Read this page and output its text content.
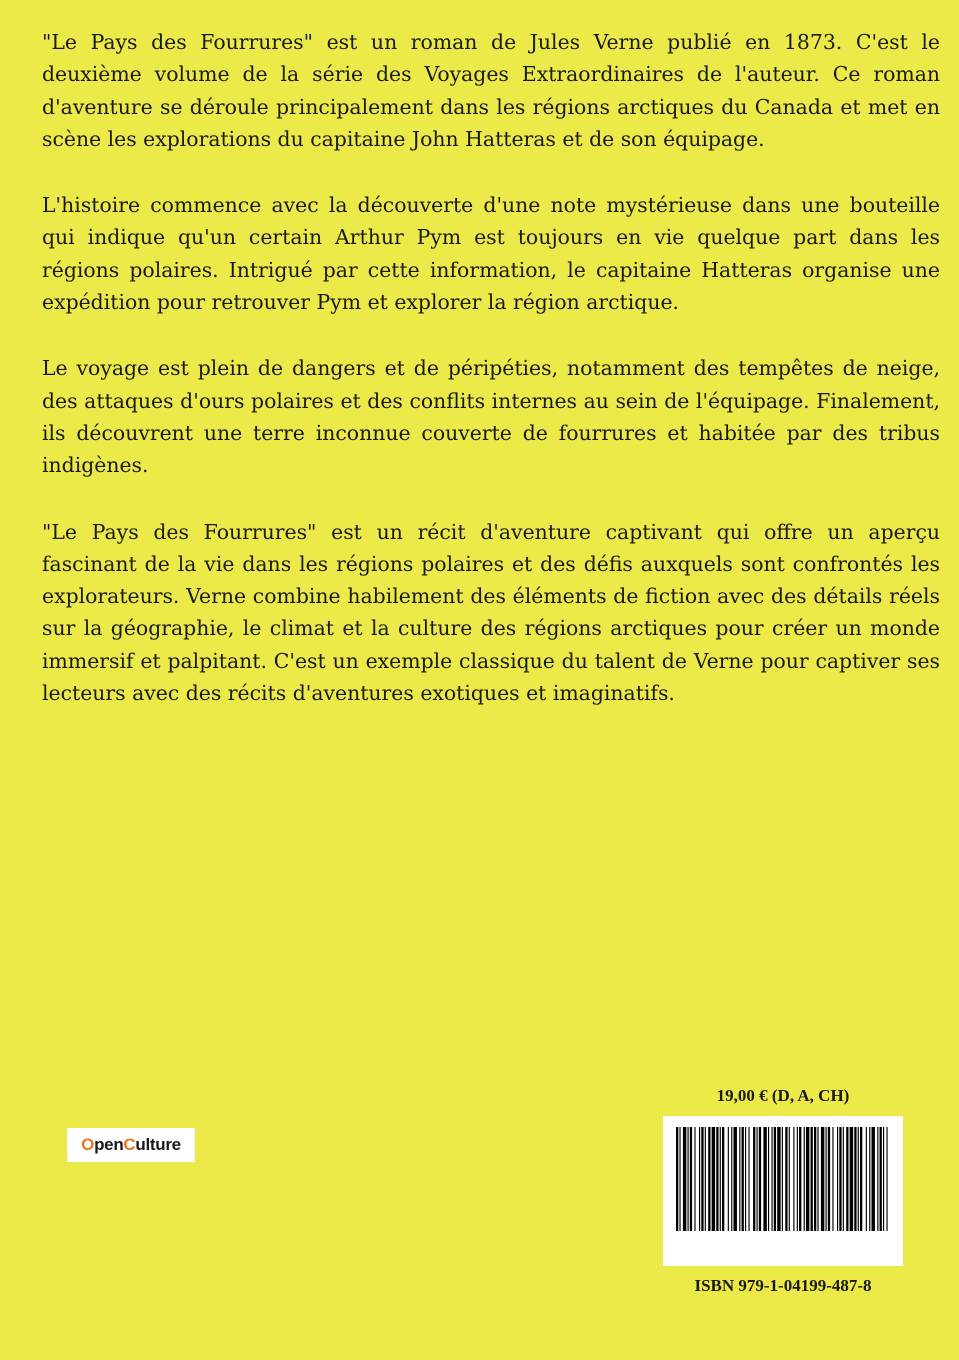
"Le Pays des Fourrures" est un roman de Jules Verne publié en 1873. C'est le deuxième volume de la série des Voyages Extraordinaires de l'auteur. Ce roman d'aventure se déroule principalement dans les régions arctiques du Canada et met en scène les explorations du capitaine John Hatteras et de son équipage.

L'histoire commence avec la découverte d'une note mystérieuse dans une bouteille qui indique qu'un certain Arthur Pym est toujours en vie quelque part dans les régions polaires. Intrigué par cette information, le capitaine Hatteras organise une expédition pour retrouver Pym et explorer la région arctique.

Le voyage est plein de dangers et de péripéties, notamment des tempêtes de neige, des attaques d'ours polaires et des conflits internes au sein de l'équipage. Finalement, ils découvrent une terre inconnue couverte de fourrures et habitée par des tribus indigènes.

"Le Pays des Fourrures" est un récit d'aventure captivant qui offre un aperçu fascinant de la vie dans les régions polaires et des défis auxquels sont confrontés les explorateurs. Verne combine habilement des éléments de fiction avec des détails réels sur la géographie, le climat et la culture des régions arctiques pour créer un monde immersif et palpitant. C'est un exemple classique du talent de Verne pour captiver ses lecteurs avec des récits d'aventures exotiques et imaginatifs.

O pen C ulture
19,00 € (D, A, CH)
ISBN 979-1-04199-487-8
